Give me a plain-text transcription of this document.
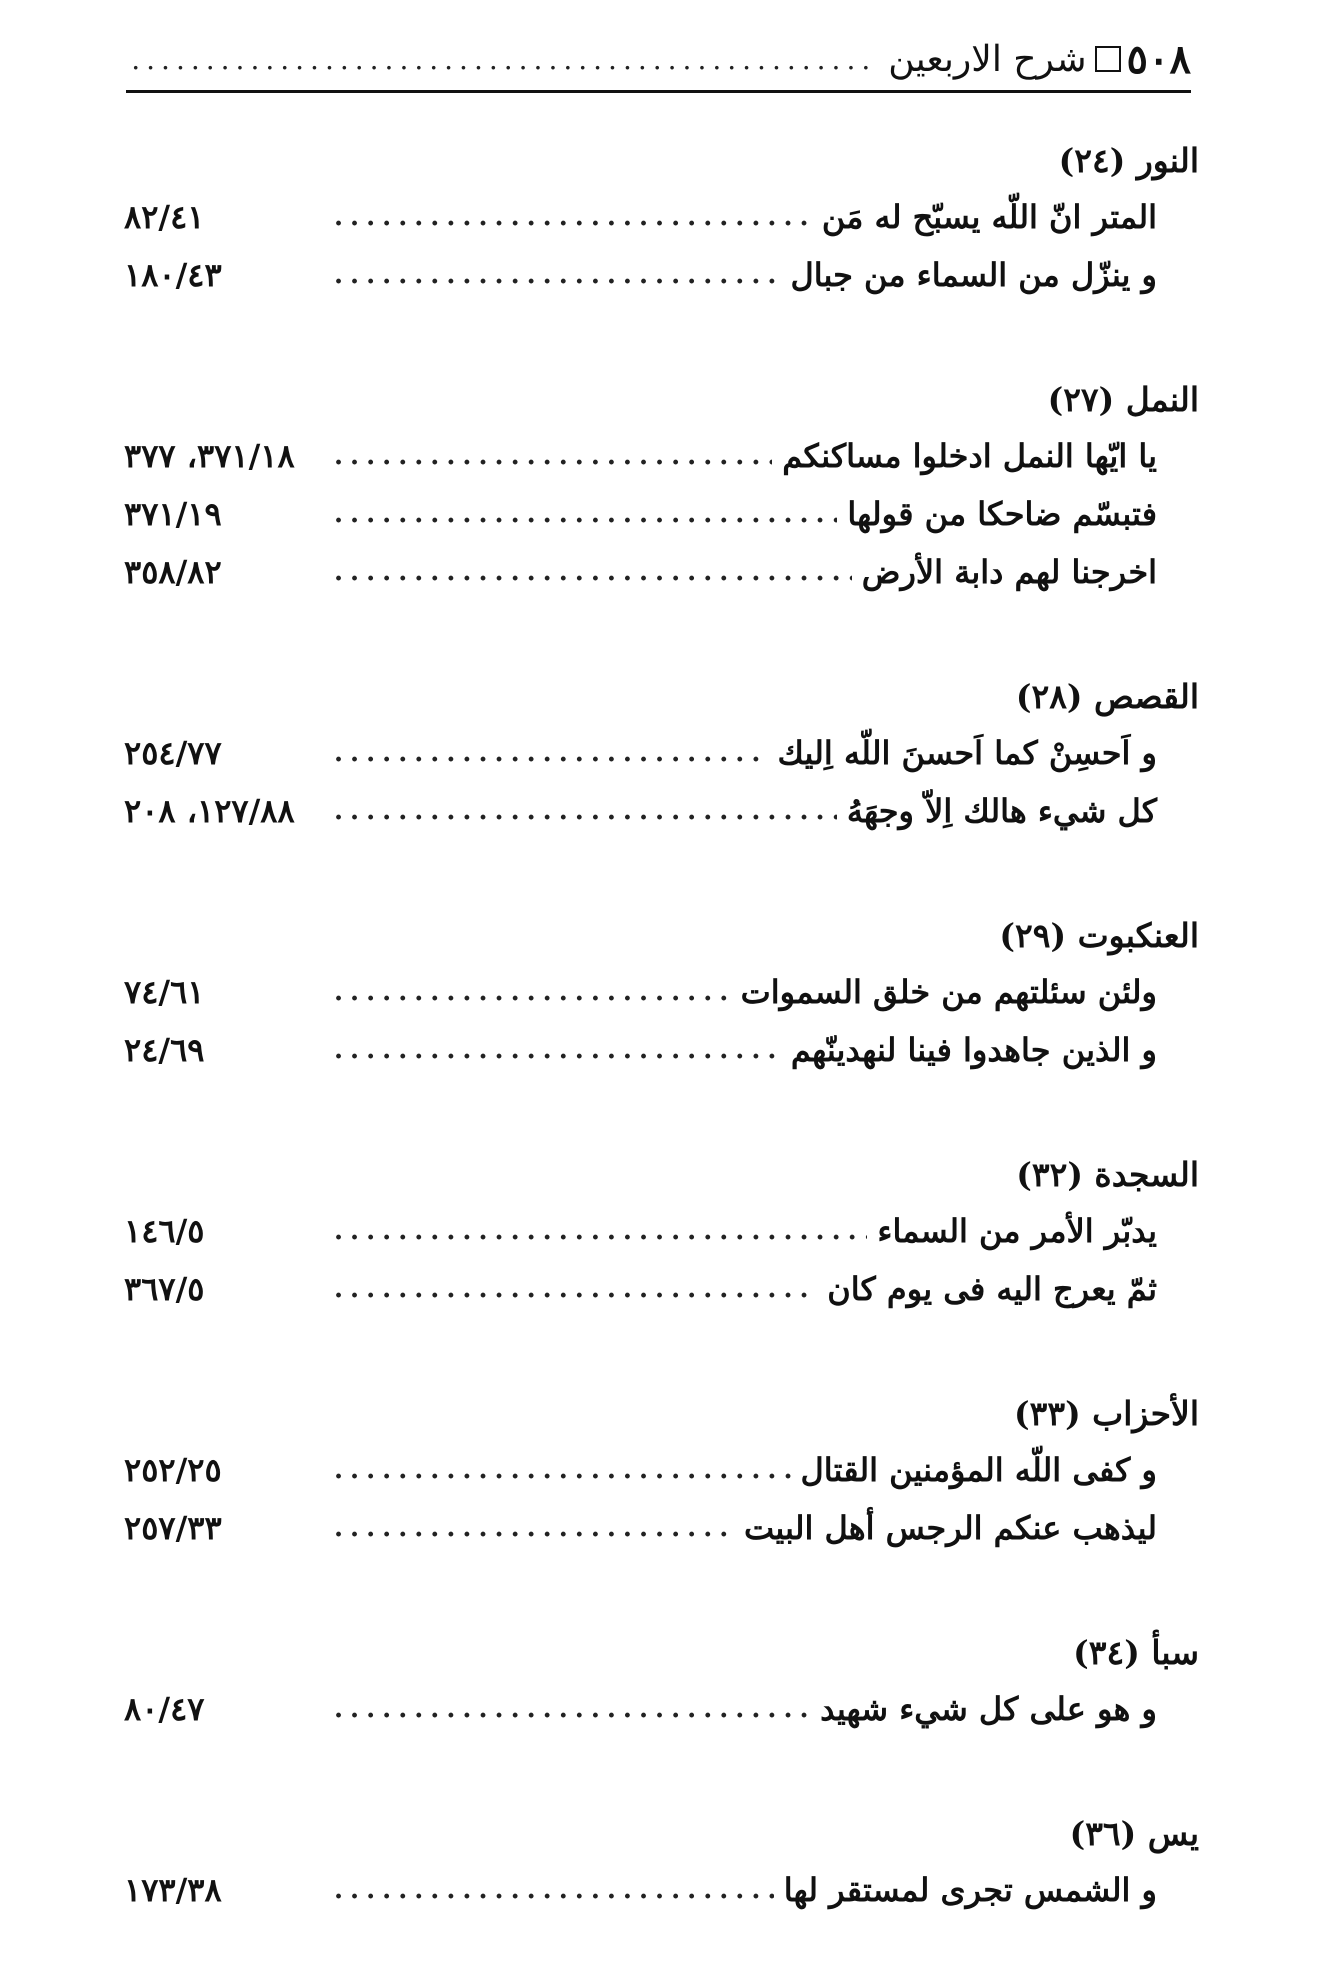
٥٠٨
شرح الاربعين
.....
النور (٢٤)
المتر انّ اللّه يسبّح له مَن
.....
٨٢/٤١
و ينزّل من السماء من جبال
.....
١٨٠/٤٣
النمل (٢٧)
يا ايّها النمل ادخلوا مساكنكم
.....
٣٧١/١٨، ٣٧٧
فتبسّم ضاحكا من قولها
.....
٣٧١/١٩
اخرجنا لهم دابة الأرض
.....
٣٥٨/٨٢
القصص (٢٨)
و اَحسِنْ كما اَحسنَ اللّه اِليك
.....
٢٥٤/٧٧
كل شيء هالك اِلاّ وجهَهُ
.....
١٢٧/٨٨، ٢٠٨
العنكبوت (٢٩)
ولئن سئلتهم من خلق السموات
.....
٧٤/٦١
و الذين جاهدوا فينا لنهدينّهم
.....
٢٤/٦٩
السجدة (٣٢)
يدبّر الأمر من السماء
.....
١٤٦/٥
ثمّ يعرج اليه فى يوم كان
.....
٣٦٧/٥
الأحزاب (٣٣)
و كفى اللّه المؤمنين القتال
.....
٢٥٢/٢٥
ليذهب عنكم الرجس أهل البيت
.....
٢٥٧/٣٣
سبأ (٣٤)
و هو على كل شيء شهيد
.....
٨٠/٤٧
يس (٣٦)
و الشمس تجرى لمستقر لها
.....
١٧٣/٣٨
